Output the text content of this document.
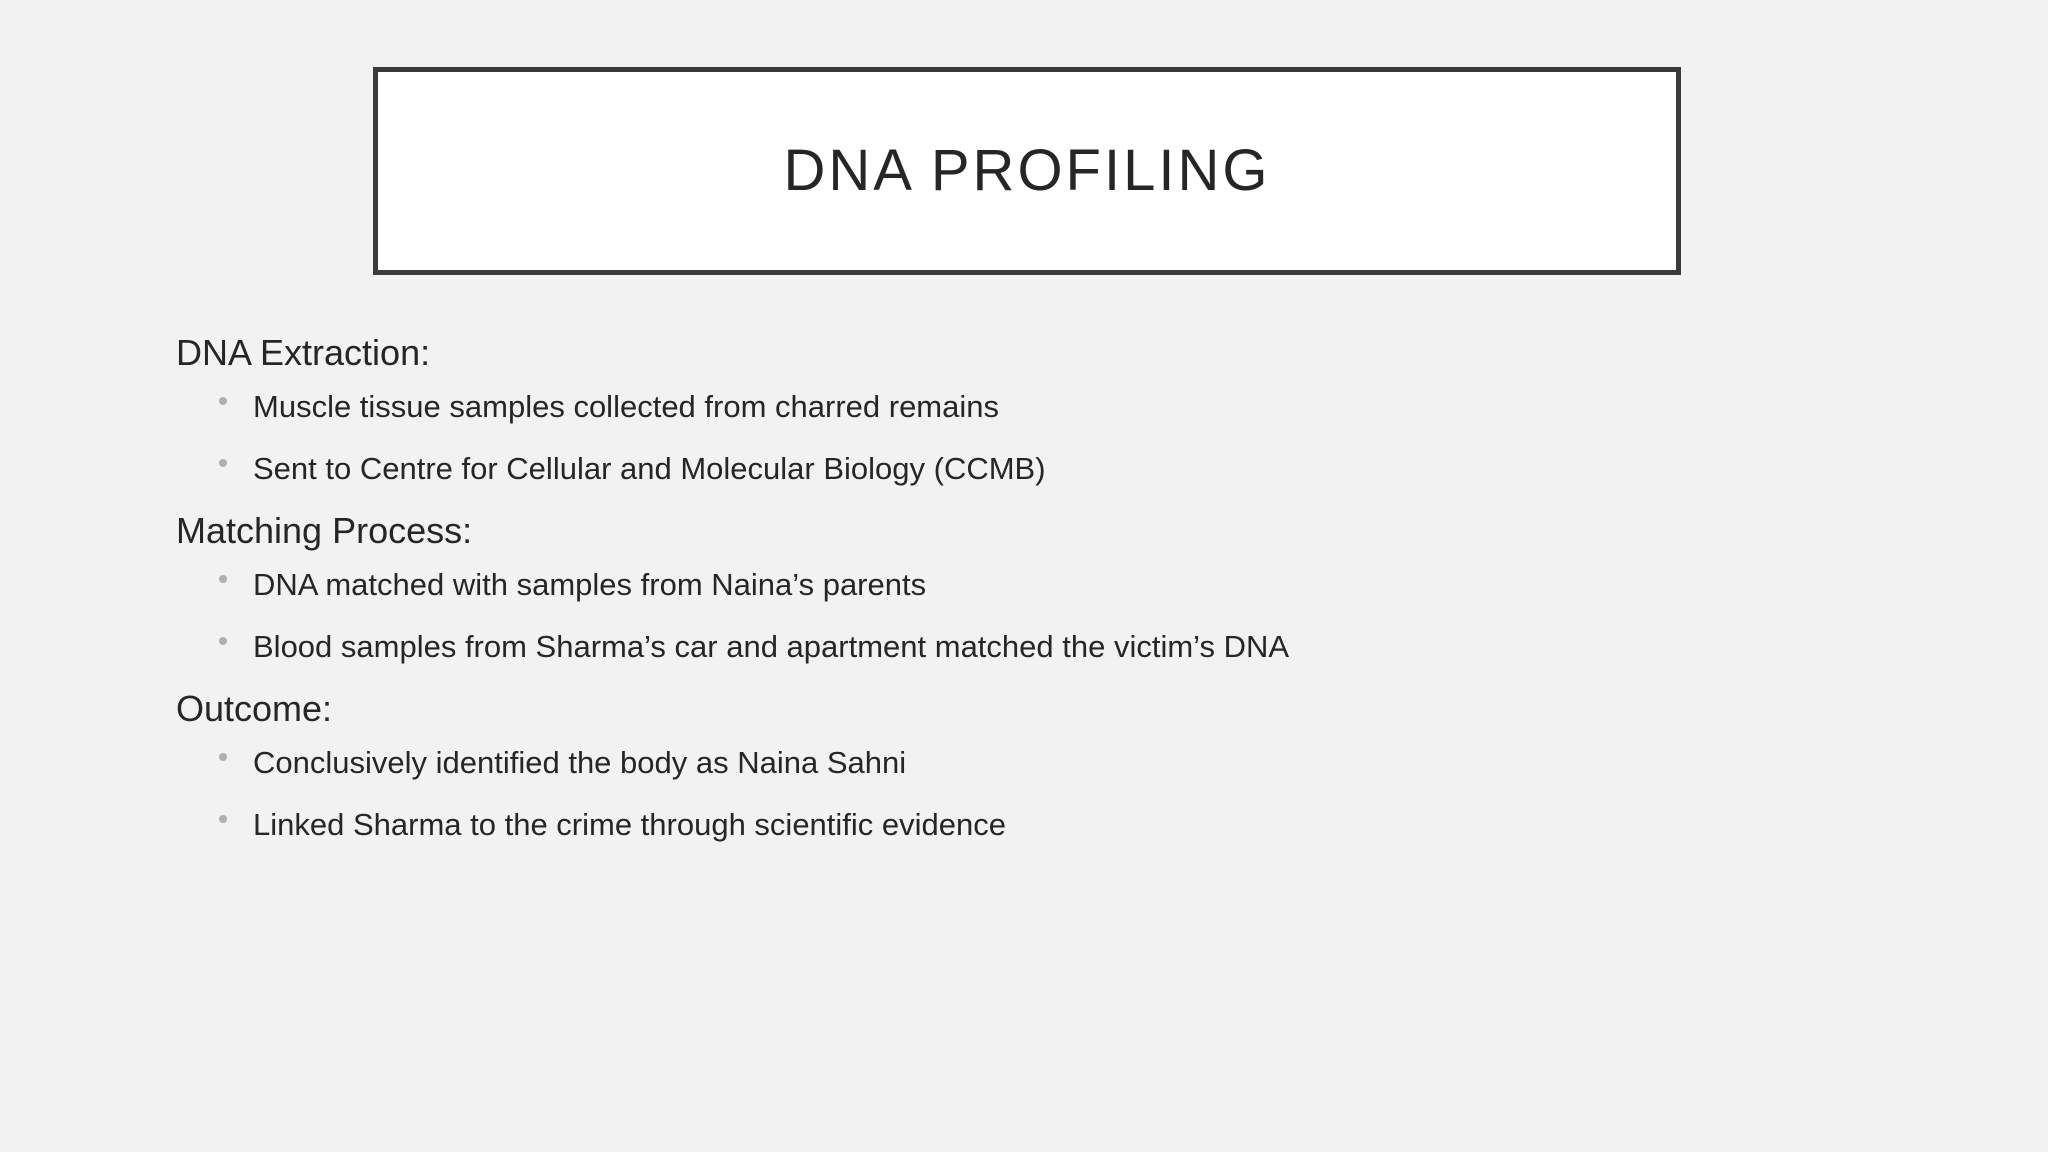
DNA PROFILING
DNA Extraction:
Muscle tissue samples collected from charred remains
Sent to Centre for Cellular and Molecular Biology (CCMB)
Matching Process:
DNA matched with samples from Naina’s parents
Blood samples from Sharma’s car and apartment matched the victim’s DNA
Outcome:
Conclusively identified the body as Naina Sahni
Linked Sharma to the crime through scientific evidence
